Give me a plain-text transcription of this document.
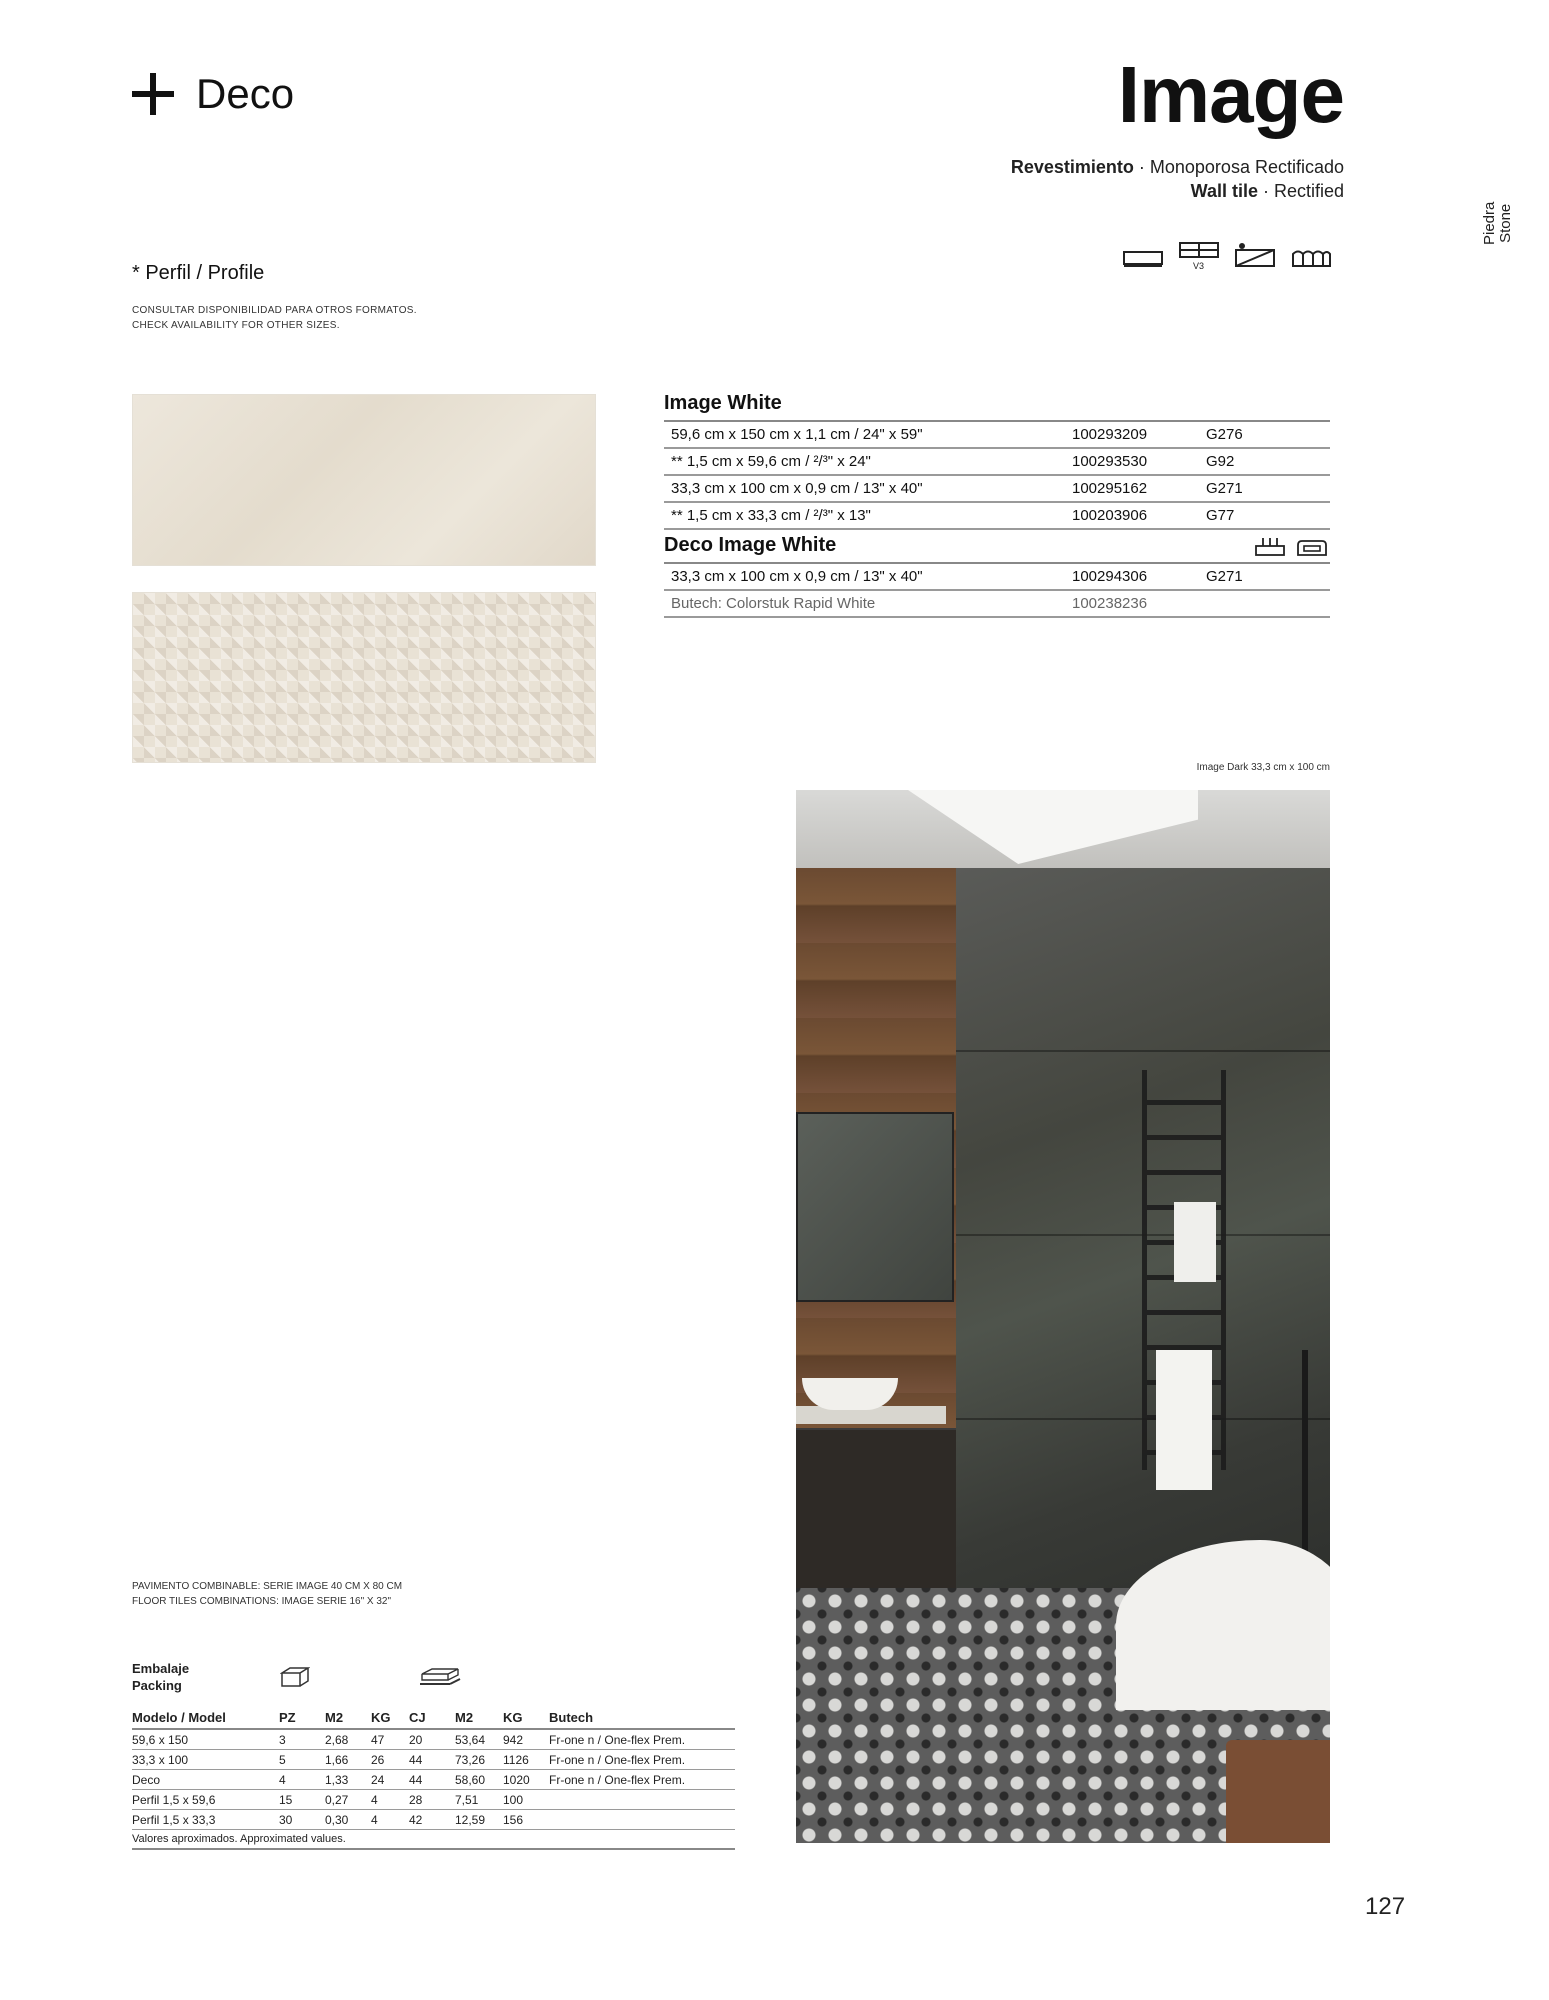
Deco	Image
Revestimiento · Monoporosa Rectificado
Wall tile · Rectified
Piedra Stone
V3
* Perfil / Profile
CONSULTAR DISPONIBILIDAD PARA OTROS FORMATOS.
CHECK AVAILABILITY FOR OTHER SIZES.
Image White
59,6 cm x 150 cm x 1,1 cm / 24" x 59"	100293209	G276
** 1,5 cm x 59,6 cm / ²/³" x 24"	100293530	G92
33,3 cm x 100 cm x 0,9 cm / 13" x 40"	100295162	G271
** 1,5 cm x 33,3 cm / ²/³" x 13"	100203906	G77
Deco Image White
33,3 cm x 100 cm x 0,9 cm / 13" x 40"	100294306	G271
Butech: Colorstuk Rapid White	100238236
Image Dark 33,3 cm x 100 cm
PAVIMENTO COMBINABLE: SERIE IMAGE 40 CM X 80 CM
FLOOR TILES COMBINATIONS: IMAGE SERIE 16" X 32"
Embalaje
Packing
Modelo / Model	PZ	M2	KG	CJ	M2	KG	Butech
59,6 x 150	3	2,68	47	20	53,64	942	Fr-one n / One-flex Prem.
33,3 x 100	5	1,66	26	44	73,26	1126	Fr-one n / One-flex Prem.
Deco	4	1,33	24	44	58,60	1020	Fr-one n / One-flex Prem.
Perfil 1,5 x 59,6	15	0,27	4	28	7,51	100
Perfil 1,5 x 33,3	30	0,30	4	42	12,59	156
Valores aproximados. Approximated values.
127
